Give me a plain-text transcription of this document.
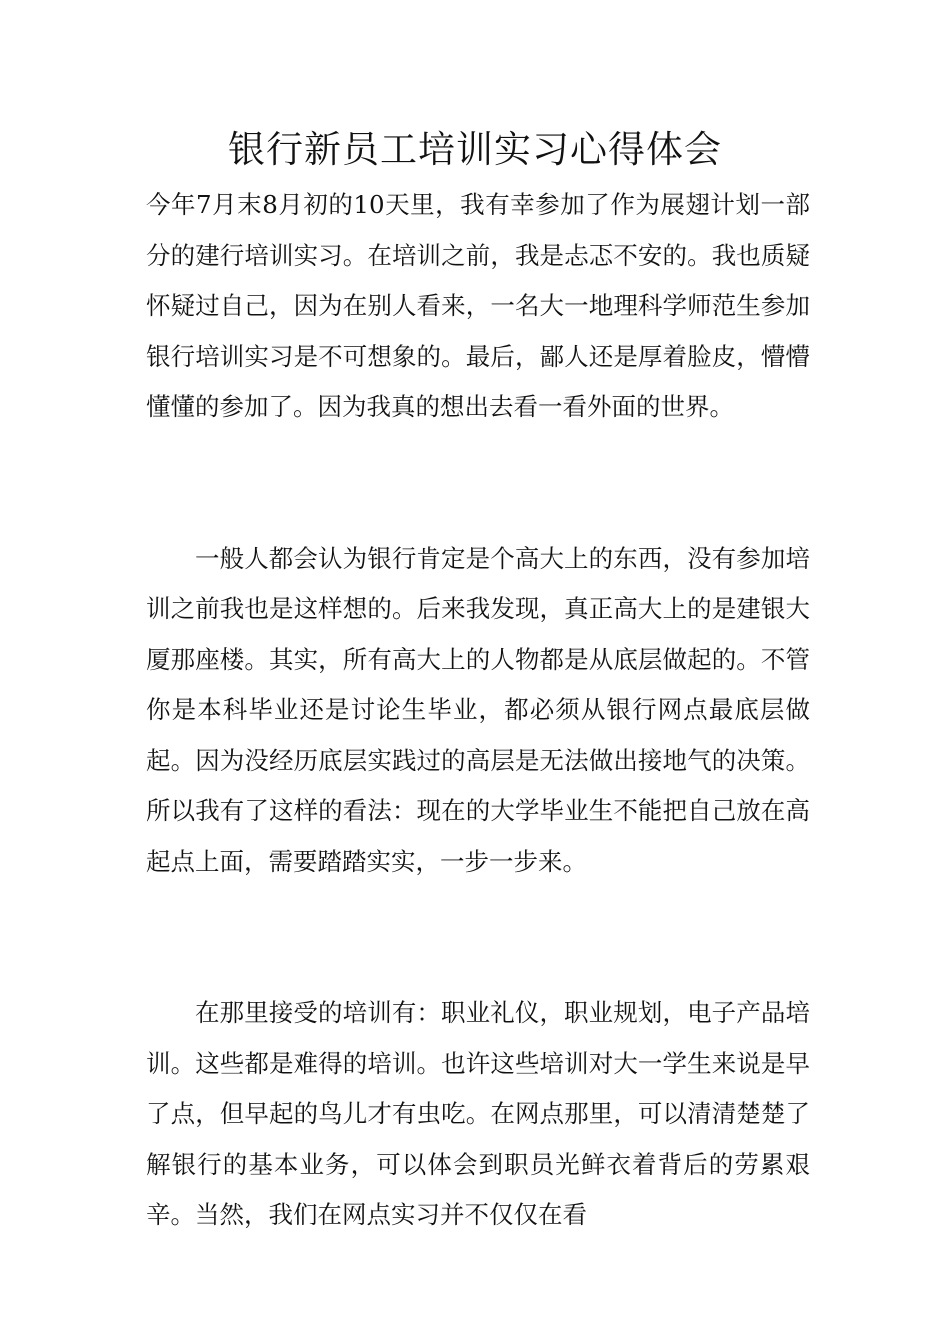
银行新员工培训实习心得体会

今年7月末8月初的10天里，我有幸参加了作为展翅计划一部分的建行培训实习。在培训之前，我是忐忑不安的。我也质疑怀疑过自己，因为在别人看来，一名大一地理科学师范生参加银行培训实习是不可想象的。最后，鄙人还是厚着脸皮，懵懵懂懂的参加了。因为我真的想出去看一看外面的世界。

一般人都会认为银行肯定是个高大上的东西，没有参加培训之前我也是这样想的。后来我发现，真正高大上的是建银大厦那座楼。其实，所有高大上的人物都是从底层做起的。不管你是本科毕业还是讨论生毕业，都必须从银行网点最底层做起。因为没经历底层实践过的高层是无法做出接地气的决策。所以我有了这样的看法：现在的大学毕业生不能把自己放在高起点上面，需要踏踏实实，一步一步来。

在那里接受的培训有：职业礼仪，职业规划，电子产品培训。这些都是难得的培训。也许这些培训对大一学生来说是早了点，但早起的鸟儿才有虫吃。在网点那里，可以清清楚楚了解银行的基本业务，可以体会到职员光鲜衣着背后的劳累艰辛。当然，我们在网点实习并不仅仅在看
